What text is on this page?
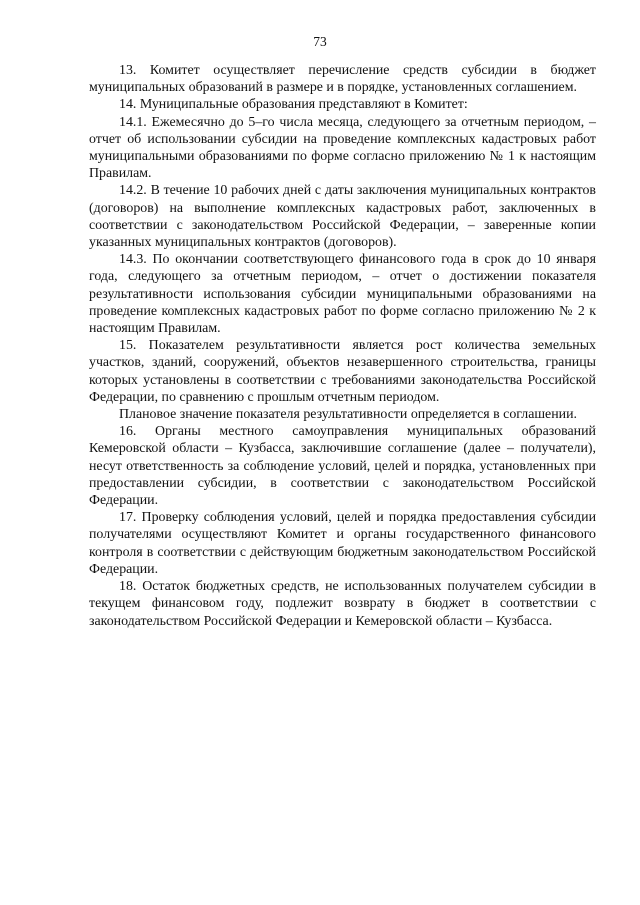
73

13. Комитет осуществляет перечисление средств субсидии в бюджет муниципальных образований в размере и в порядке, установленных соглашением.

14. Муниципальные образования представляют в Комитет:

14.1. Ежемесячно до 5–го числа месяца, следующего за отчетным периодом, – отчет об использовании субсидии на проведение комплексных кадастровых работ муниципальными образованиями по форме согласно приложению № 1 к настоящим Правилам.

14.2. В течение 10 рабочих дней с даты заключения муниципальных контрактов (договоров) на выполнение комплексных кадастровых работ, заключенных в соответствии с законодательством Российской Федерации, – заверенные копии указанных муниципальных контрактов (договоров).

14.3. По окончании соответствующего финансового года в срок до 10 января года, следующего за отчетным периодом, – отчет о достижении показателя результативности использования субсидии муниципальными образованиями на проведение комплексных кадастровых работ по форме согласно приложению № 2 к настоящим Правилам.

15. Показателем результативности является рост количества земельных участков, зданий, сооружений, объектов незавершенного строительства, границы которых установлены в соответствии с требованиями законодательства Российской Федерации, по сравнению с прошлым отчетным периодом.

Плановое значение показателя результативности определяется в соглашении.

16. Органы местного самоуправления муниципальных образований Кемеровской области – Кузбасса, заключившие соглашение (далее – получатели), несут ответственность за соблюдение условий, целей и порядка, установленных при предоставлении субсидии, в соответствии с законодательством Российской Федерации.

17. Проверку соблюдения условий, целей и порядка предоставления субсидии получателями осуществляют Комитет и органы государственного финансового контроля в соответствии с действующим бюджетным законодательством Российской Федерации.

18. Остаток бюджетных средств, не использованных получателем субсидии в текущем финансовом году, подлежит возврату в бюджет в соответствии с законодательством Российской Федерации и Кемеровской области – Кузбасса.
